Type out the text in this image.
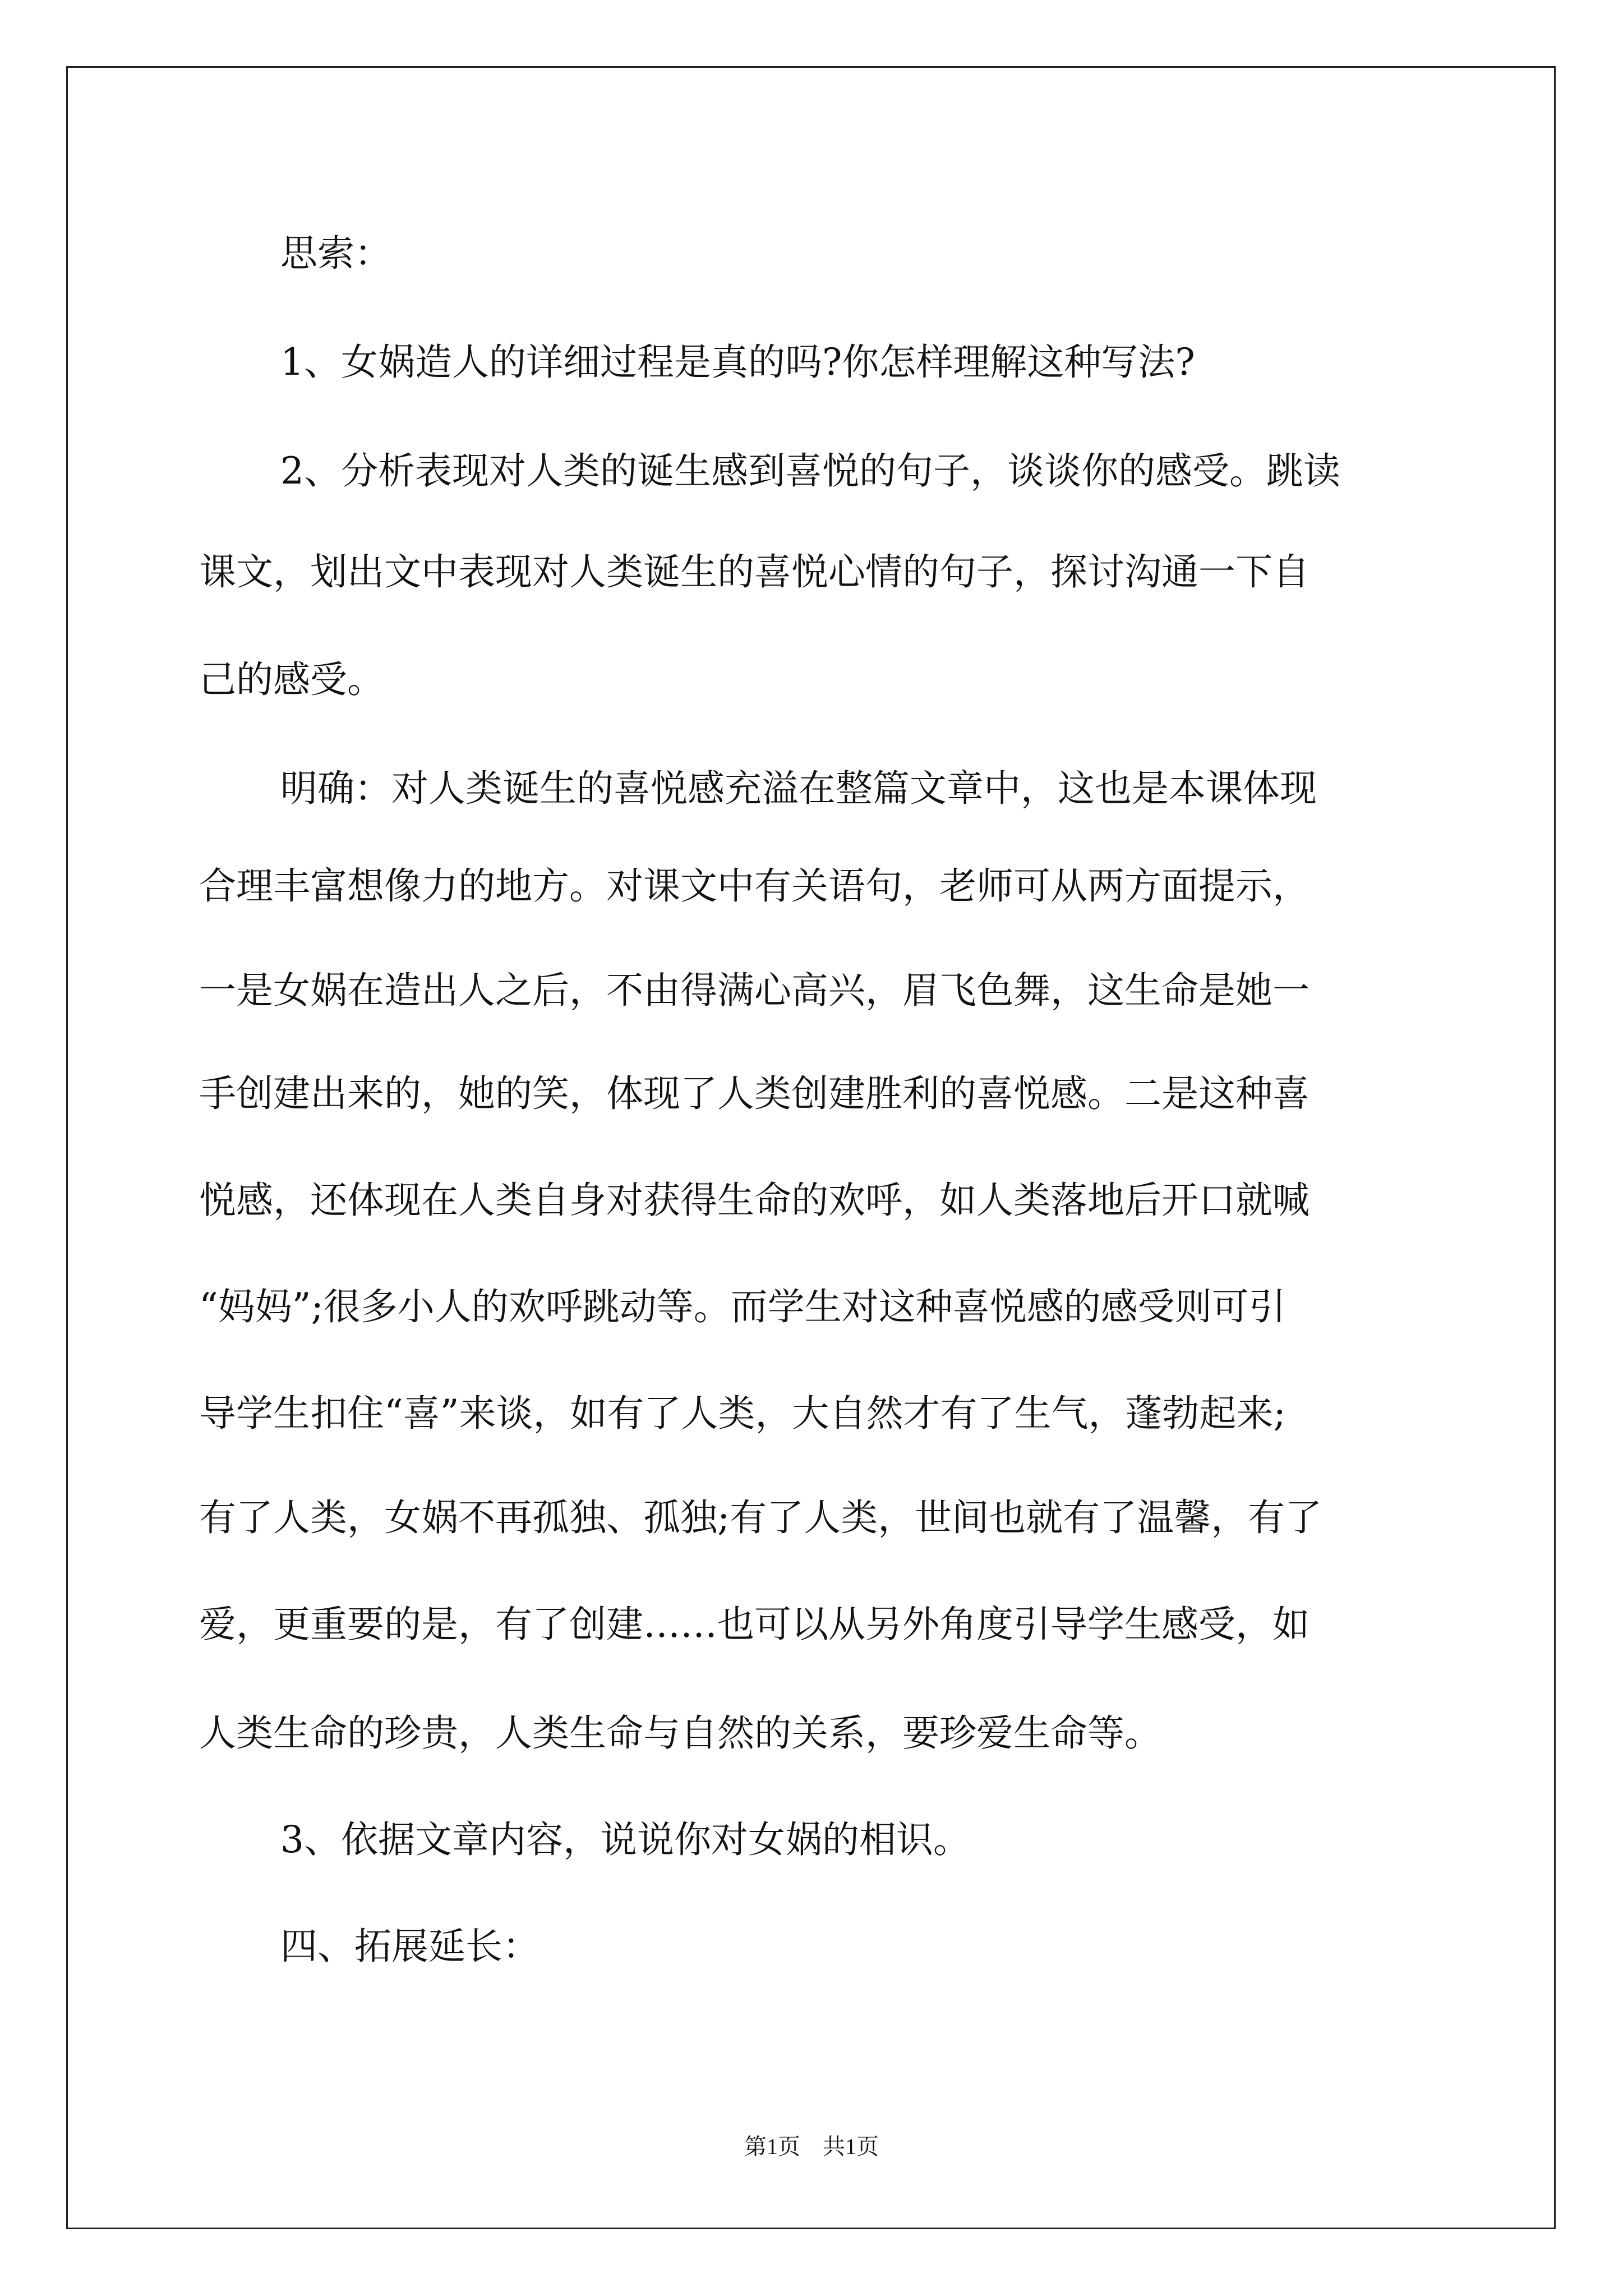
思索：
1、女娲造人的详细过程是真的吗?你怎样理解这种写法?
2、分析表现对人类的诞生感到喜悦的句子，谈谈你的感受。跳读
课文，划出文中表现对人类诞生的喜悦心情的句子，探讨沟通一下自
己的感受。
明确：对人类诞生的喜悦感充溢在整篇文章中，这也是本课体现
合理丰富想像力的地方。对课文中有关语句，老师可从两方面提示，
一是女娲在造出人之后，不由得满心高兴，眉飞色舞，这生命是她一
手创建出来的，她的笑，体现了人类创建胜利的喜悦感。二是这种喜
悦感，还体现在人类自身对获得生命的欢呼，如人类落地后开口就喊
“妈妈”;很多小人的欢呼跳动等。而学生对这种喜悦感的感受则可引
导学生扣住“喜”来谈，如有了人类，大自然才有了生气，蓬勃起来;
有了人类，女娲不再孤独、孤独;有了人类，世间也就有了温馨，有了
爱，更重要的是，有了创建……也可以从另外角度引导学生感受，如
人类生命的珍贵，人类生命与自然的关系，要珍爱生命等。
3、依据文章内容，说说你对女娲的相识。
四、拓展延长：
第1页　共1页
